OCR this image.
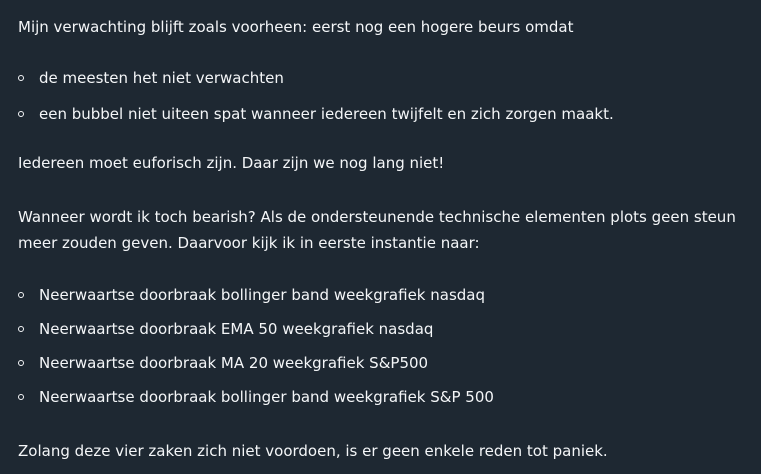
Mijn verwachting blijft zoals voorheen: eerst nog een hogere beurs omdat

de meesten het niet verwachten
een bubbel niet uiteen spat wanneer iedereen twijfelt en zich zorgen maakt.

Iedereen moet euforisch zijn. Daar zijn we nog lang niet!

Wanneer wordt ik toch bearish? Als de ondersteunende technische elementen plots geen steun meer zouden geven. Daarvoor kijk ik in eerste instantie naar:

Neerwaartse doorbraak bollinger band weekgrafiek nasdaq
Neerwaartse doorbraak EMA 50 weekgrafiek nasdaq
Neerwaartse doorbraak MA 20 weekgrafiek S&P500
Neerwaartse doorbraak bollinger band weekgrafiek S&P 500

Zolang deze vier zaken zich niet voordoen, is er geen enkele reden tot paniek.
